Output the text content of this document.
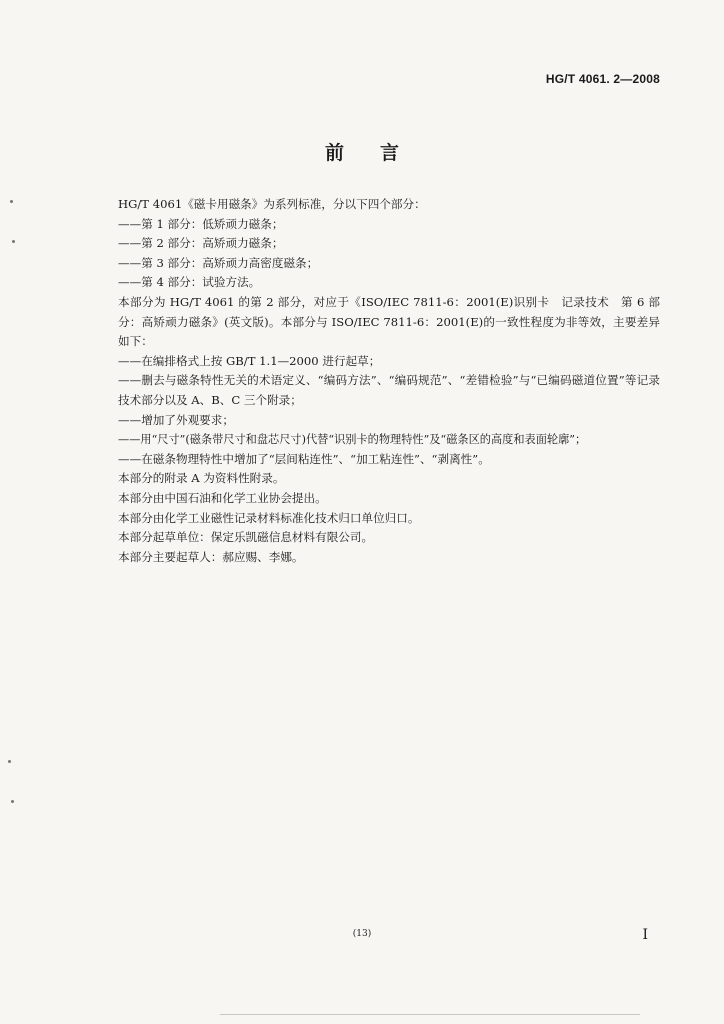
HG/T 4061. 2—2008
前言

HG/T 4061《磁卡用磁条》为系列标准，分以下四个部分：

——第 1 部分：低矫顽力磁条；

——第 2 部分：高矫顽力磁条；

——第 3 部分：高矫顽力高密度磁条；

——第 4 部分：试验方法。

本部分为 HG/T 4061 的第 2 部分，对应于《ISO/IEC 7811-6：2001(E)识别卡　记录技术　第 6 部分：高矫顽力磁条》(英文版)。本部分与 ISO/IEC 7811-6：2001(E)的一致性程度为非等效，主要差异如下：

——在编排格式上按 GB/T 1.1—2000 进行起草；

——删去与磁条特性无关的术语定义、“编码方法”、“编码规范”、“差错检验”与“已编码磁道位置”等记录技术部分以及 A、B、C 三个附录；

——增加了外观要求；

——用“尺寸”(磁条带尺寸和盘芯尺寸)代替“识别卡的物理特性”及“磁条区的高度和表面轮廓”；

——在磁条物理特性中增加了“层间粘连性”、“加工粘连性”、“剥离性”。

本部分的附录 A 为资料性附录。

本部分由中国石油和化学工业协会提出。

本部分由化学工业磁性记录材料标准化技术归口单位归口。

本部分起草单位：保定乐凯磁信息材料有限公司。

本部分主要起草人：郝应赐、李娜。

(13)	I
